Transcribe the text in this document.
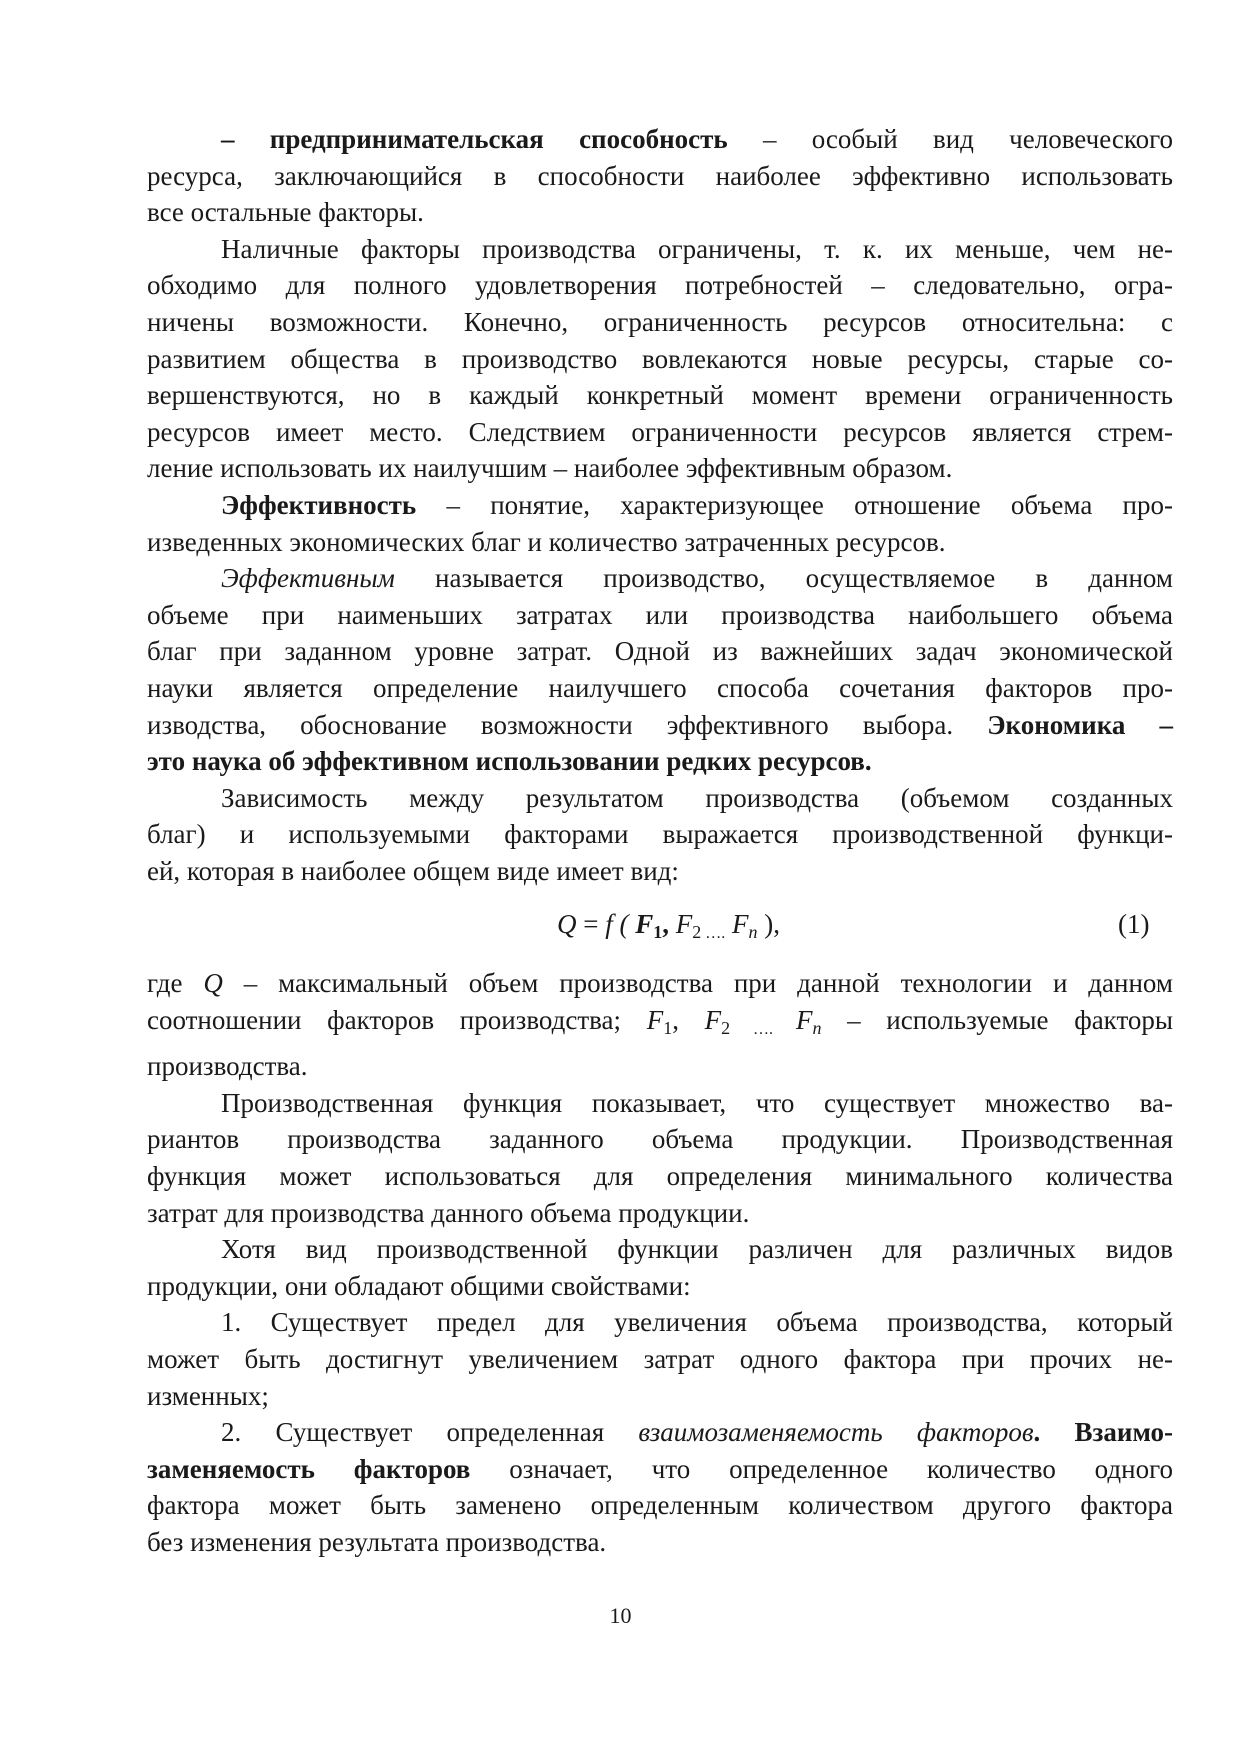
– предпринимательская способность – особый вид человеческого
ресурса, заключающийся в способности наиболее эффективно использовать
все остальные факторы.
Наличные факторы производства ограничены, т. к. их меньше, чем не-
обходимо для полного удовлетворения потребностей – следовательно, огра-
ничены возможности. Конечно, ограниченность ресурсов относительна: с
развитием общества в производство вовлекаются новые ресурсы, старые со-
вершенствуются, но в каждый конкретный момент времени ограниченность
ресурсов имеет место. Следствием ограниченности ресурсов является стрем-
ление использовать их наилучшим – наиболее эффективным образом.
Эффективность – понятие, характеризующее отношение объема про-
изведенных экономических благ и количество затраченных ресурсов.
Эффективным называется производство, осуществляемое в данном
объеме при наименьших затратах или производства наибольшего объема
благ при заданном уровне затрат. Одной из важнейших задач экономической
науки является определение наилучшего способа сочетания факторов про-
изводства, обоснование возможности эффективного выбора. Экономика –
это наука об эффективном использовании редких ресурсов.
Зависимость между результатом производства (объемом созданных
благ) и используемыми факторами выражается производственной функци-
ей, которая в наиболее общем виде имеет вид:
Q = f ( $F_1$, $F_2$ …. $F_n$ ),	(1)
где Q – максимальный объем производства при данной технологии и данном
соотношении факторов производства; $F_1$, $F_2$ …. $F_n$ – используемые факторы
производства.
Производственная функция показывает, что существует множество ва-
риантов производства заданного объема продукции. Производственная
функция может использоваться для определения минимального количества
затрат для производства данного объема продукции.
Хотя вид производственной функции различен для различных видов
продукции, они обладают общими свойствами:
1. Существует предел для увеличения объема производства, который
может быть достигнут увеличением затрат одного фактора при прочих не-
изменных;
2. Существует определенная взаимозаменяемость факторов. Взаимо-
заменяемость факторов означает, что определенное количество одного
фактора может быть заменено определенным количеством другого фактора
без изменения результата производства.
10
